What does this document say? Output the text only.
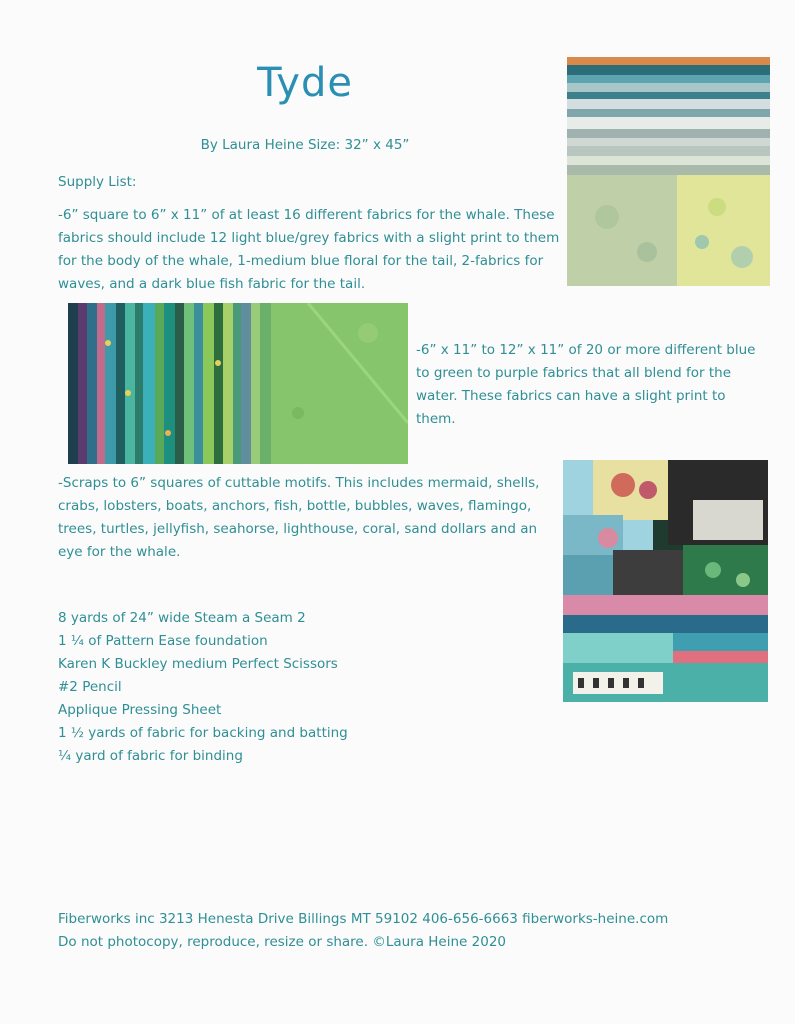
Tyde
By Laura Heine Size: 32” x 45”
Supply List:
-6” square to 6” x 11” of at least 16 different fabrics for the whale. These fabrics should include 12 light blue/grey fabrics with a slight print to them for the body of the whale, 1-medium blue floral for the tail, 2-fabrics for waves, and a dark blue fish fabric for the tail.
-6” x 11” to 12” x 11” of 20 or more different blue to green to purple fabrics that all blend for the water. These fabrics can have a slight print to them.
-Scraps to 6” squares of cuttable motifs. This includes mermaid, shells, crabs, lobsters, boats, anchors, fish, bottle, bubbles, waves, flamingo, trees, turtles, jellyfish, seahorse, lighthouse, coral, sand dollars and an eye for the whale.
8 yards of 24” wide Steam a Seam 2
1 ¼ of Pattern Ease foundation
Karen K Buckley medium Perfect Scissors
#2 Pencil
Applique Pressing Sheet
1 ½ yards of fabric for backing and batting
¼ yard of fabric for binding
Fiberworks inc 3213 Henesta Drive Billings MT 59102 406-656-6663 fiberworks-heine.com
Do not photocopy, reproduce, resize or share. ©Laura Heine 2020
